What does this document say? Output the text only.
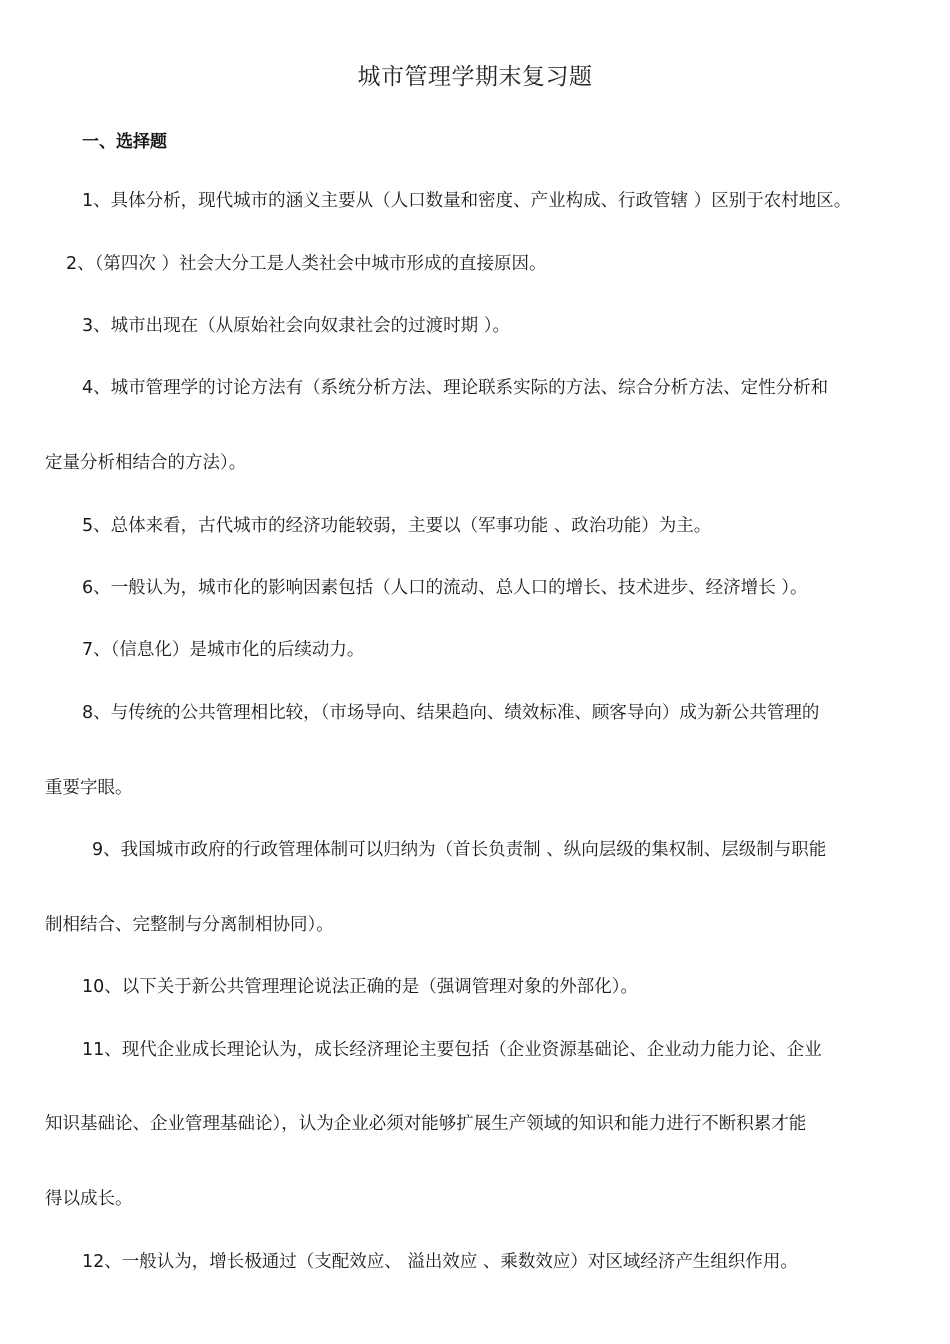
城市管理学期末复习题
一、选择题
1、具体分析，现代城市的涵义主要从（人口数量和密度、产业构成、行政管辖 ）区别于农村地区。
2、（第四次 ）社会大分工是人类社会中城市形成的直接原因。
3、城市出现在（从原始社会向奴隶社会的过渡时期 ）。
4、城市管理学的讨论方法有（系统分析方法、理论联系实际的方法、综合分析方法、定性分析和
定量分析相结合的方法）。
5、总体来看，古代城市的经济功能较弱，主要以（军事功能 、政治功能）为主。
6、一般认为，城市化的影响因素包括（人口的流动、总人口的增长、技术进步、经济增长 ）。
7、（信息化）是城市化的后续动力。
8、与传统的公共管理相比较，（市场导向、结果趋向、绩效标准、顾客导向）成为新公共管理的
重要字眼。
9、我国城市政府的行政管理体制可以归纳为（首长负责制 、纵向层级的集权制、层级制与职能
制相结合、完整制与分离制相协同）。
10、以下关于新公共管理理论说法正确的是（强调管理对象的外部化）。
11、现代企业成长理论认为，成长经济理论主要包括（企业资源基础论、企业动力能力论、企业
知识基础论、企业管理基础论），认为企业必须对能够扩展生产领域的知识和能力进行不断积累才能
得以成长。
12、一般认为，增长极通过（支配效应、 溢出效应 、乘数效应）对区域经济产生组织作用。
